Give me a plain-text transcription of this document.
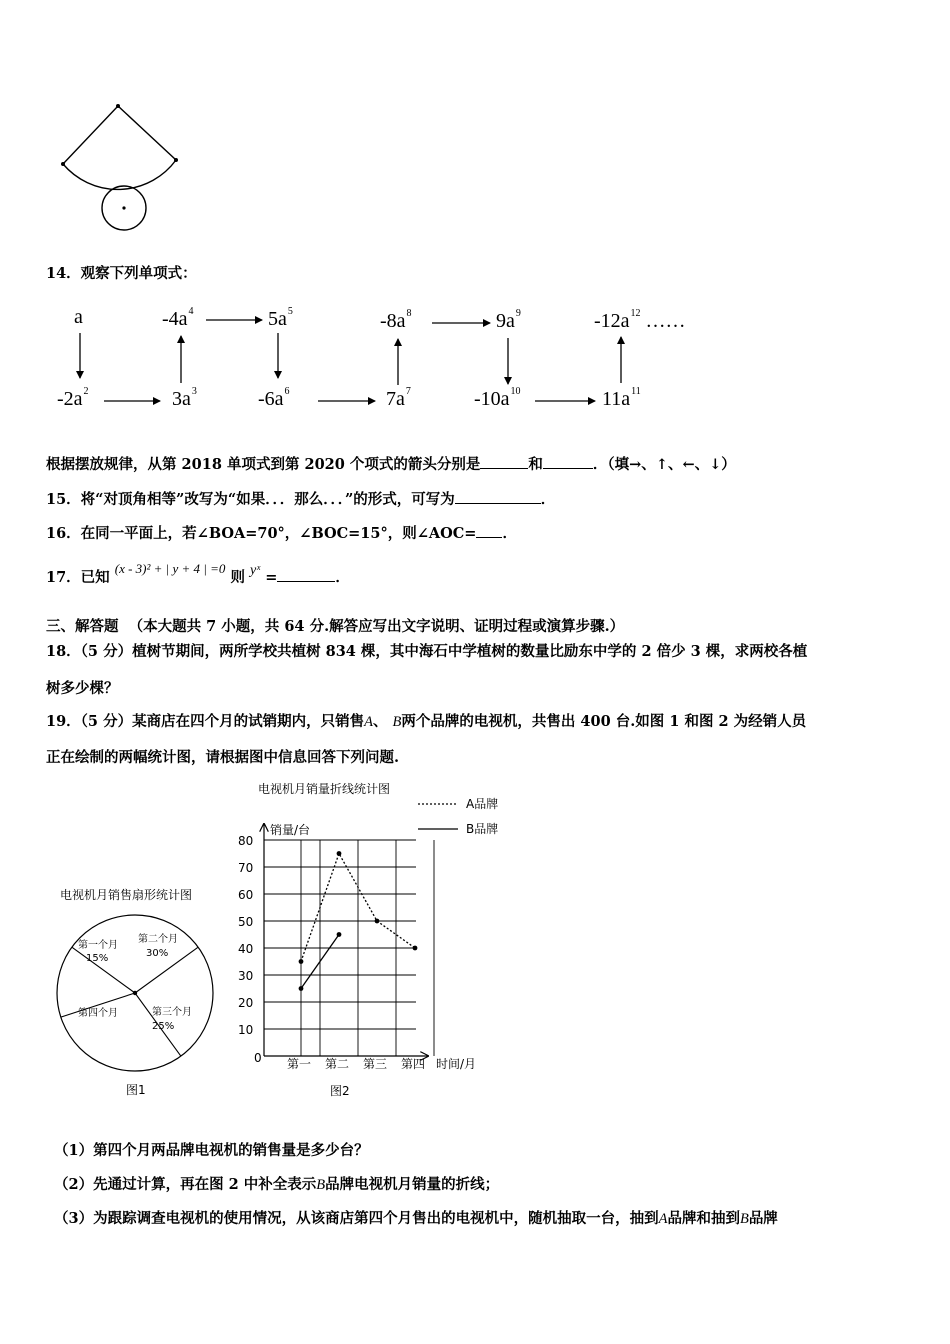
14．观察下列单项式：
a
$-2a^2$	$3a^3$
$-4a^4$	$5a^5$
$-6a^6$	$7a^7$
$-8a^8$	$9a^9$
$-10a^{10}$	$11a^{11}$
$-12a^{12}$ ……
根据摆放规律，从第 2018 单项式到第 2020 个项式的箭头分别是	和	．（填→、↑、←、↓）
15．将“对顶角相等”改写为“如果．．．那么．．．”的形式，可写为	．
16．在同一平面上，若∠BOA=70°，∠BOC=15°，则∠AOC= ．
17．已知 (x - 3)² + | y + 4 | =0 则 yˣ =	．
三、解答题 （本大题共 7 小题，共 64 分.解答应写出文字说明、证明过程或演算步骤.）
18．（5 分）植树节期间，两所学校共植树 834 棵，其中海石中学植树的数量比励东中学的 2 倍少 3 棵，求两校各植
树多少棵？
19．（5 分）某商店在四个月的试销期内，只销售A、 B两个品牌的电视机，共售出 400 台.如图 1 和图 2 为经销人员
正在绘制的两幅统计图，请根据图中信息回答下列问题.
电视机月销售扇形统计图
第一个月
15%
第二个月
30%
第三个月
25%
第四个月
图1
电视机月销量折线统计图
A品牌
B品牌
销量/台
10
20
30
40
50
60
70
80
第一 第二 第三 第四
0	时间/月
图2
（1）第四个月两品牌电视机的销售量是多少台？
（2）先通过计算，再在图 2 中补全表示B品牌电视机月销量的折线；
（3）为跟踪调查电视机的使用情况，从该商店第四个月售出的电视机中，随机抽取一台，抽到A品牌和抽到B品牌
